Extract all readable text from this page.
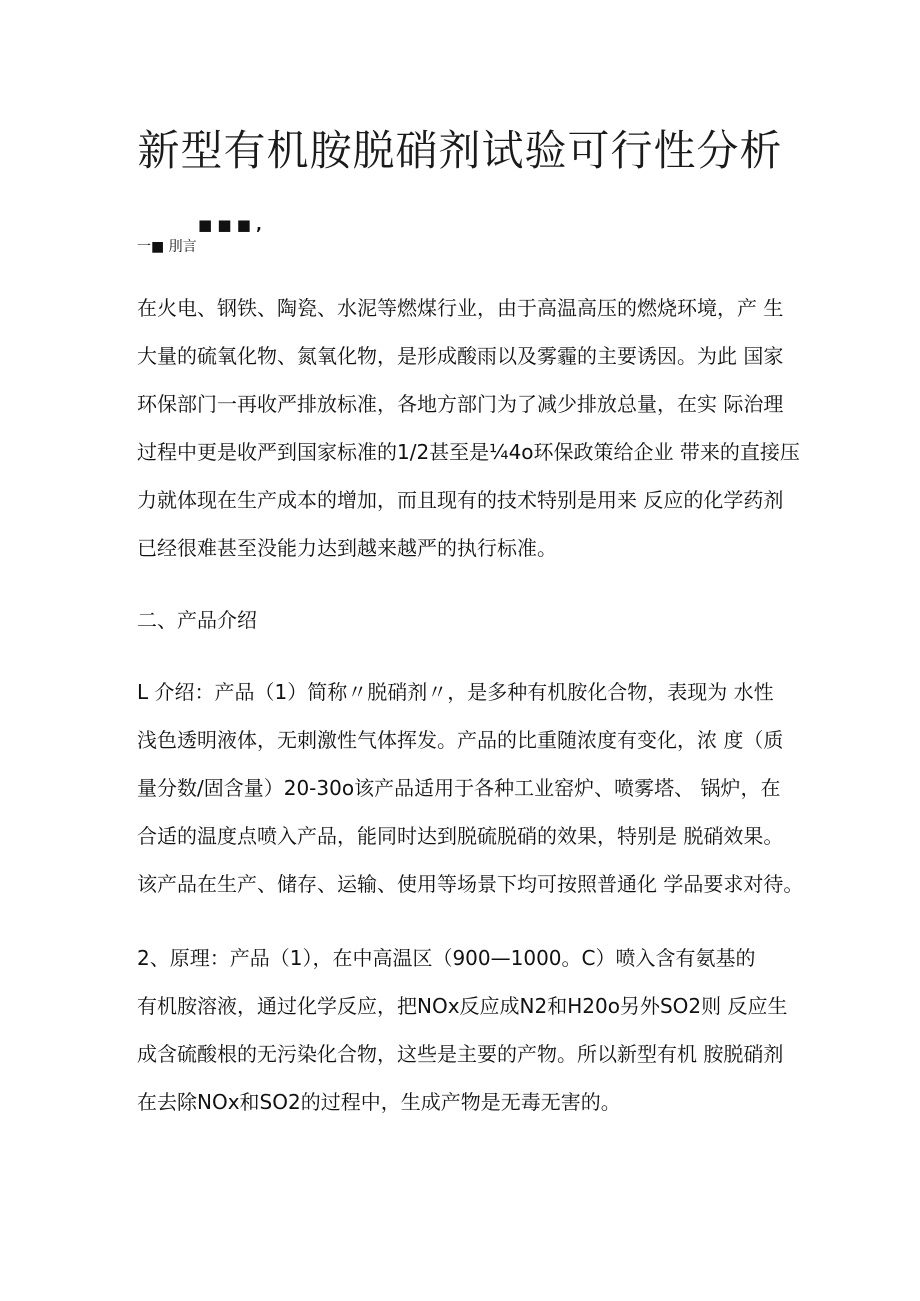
新型有机胺脱硝剂试验可行性分析
■ ■ ■ ,
一■ 刖言
在火电、钢铁、陶瓷、水泥等燃煤行业，由于高温高压的燃烧环境，产 生
大量的硫氧化物、氮氧化物，是形成酸雨以及雾霾的主要诱因。为此 国家
环保部门一再收严排放标准，各地方部门为了减少排放总量，在实 际治理
过程中更是收严到国家标准的1/2甚至是¼4o环保政策给企业 带来的直接压
力就体现在生产成本的增加，而且现有的技术特别是用来 反应的化学药剂
已经很难甚至没能力达到越来越严的执行标准。
二、产品介绍
L 介绍：产品（1）简称〃脱硝剂〃，是多种有机胺化合物，表现为 水性
浅色透明液体，无刺激性气体挥发。产品的比重随浓度有变化，浓 度（质
量分数/固含量）20-30o该产品适用于各种工业窑炉、喷雾塔、 锅炉，在
合适的温度点喷入产品，能同时达到脱硫脱硝的效果，特别是 脱硝效果。
该产品在生产、储存、运输、使用等场景下均可按照普通化 学品要求对待。
2、原理：产品（1），在中高温区（900—1000。C）喷入含有氨基的
有机胺溶液，通过化学反应，把NOx反应成N2和H20o另外SO2则 反应生
成含硫酸根的无污染化合物，这些是主要的产物。所以新型有机 胺脱硝剂
在去除NOx和SO2的过程中，生成产物是无毒无害的。
